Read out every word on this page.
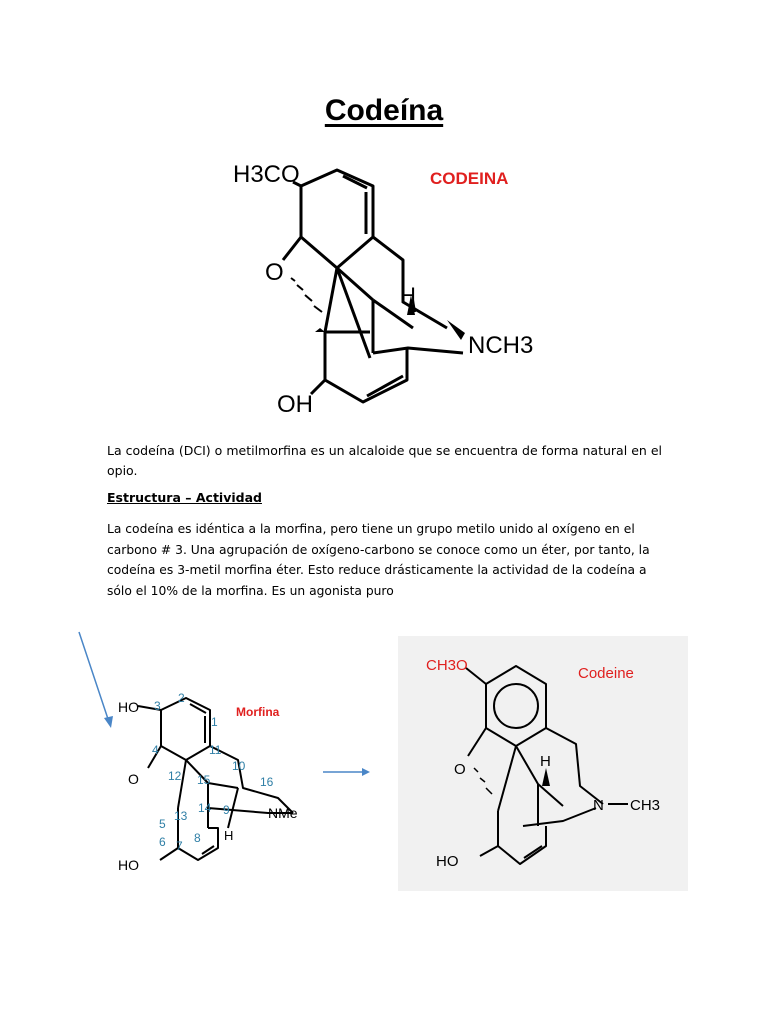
Codeína
H3CO	CODEINA
O
H
NCH3
OH
La codeína (DCI) o metilmorfina es un alcaloide que se encuentra de forma natural en el opio.
Estructura – Actividad
La codeína es idéntica a la morfina, pero tiene un grupo metilo unido al oxígeno en el carbono # 3. Una agrupación de oxígeno-carbono se conoce como un éter, por tanto, la codeína es 3-metil morfina éter. Esto reduce drásticamente la actividad de la codeína a sólo el 10% de la morfina. Es un agonista puro
1
2
3
4
5
6 7
8
9
10
11
12
13
14
15	16
HO	Morfina
O
H
NMe
HO
CH3O	Codeine
O	H
N CH3
HO
